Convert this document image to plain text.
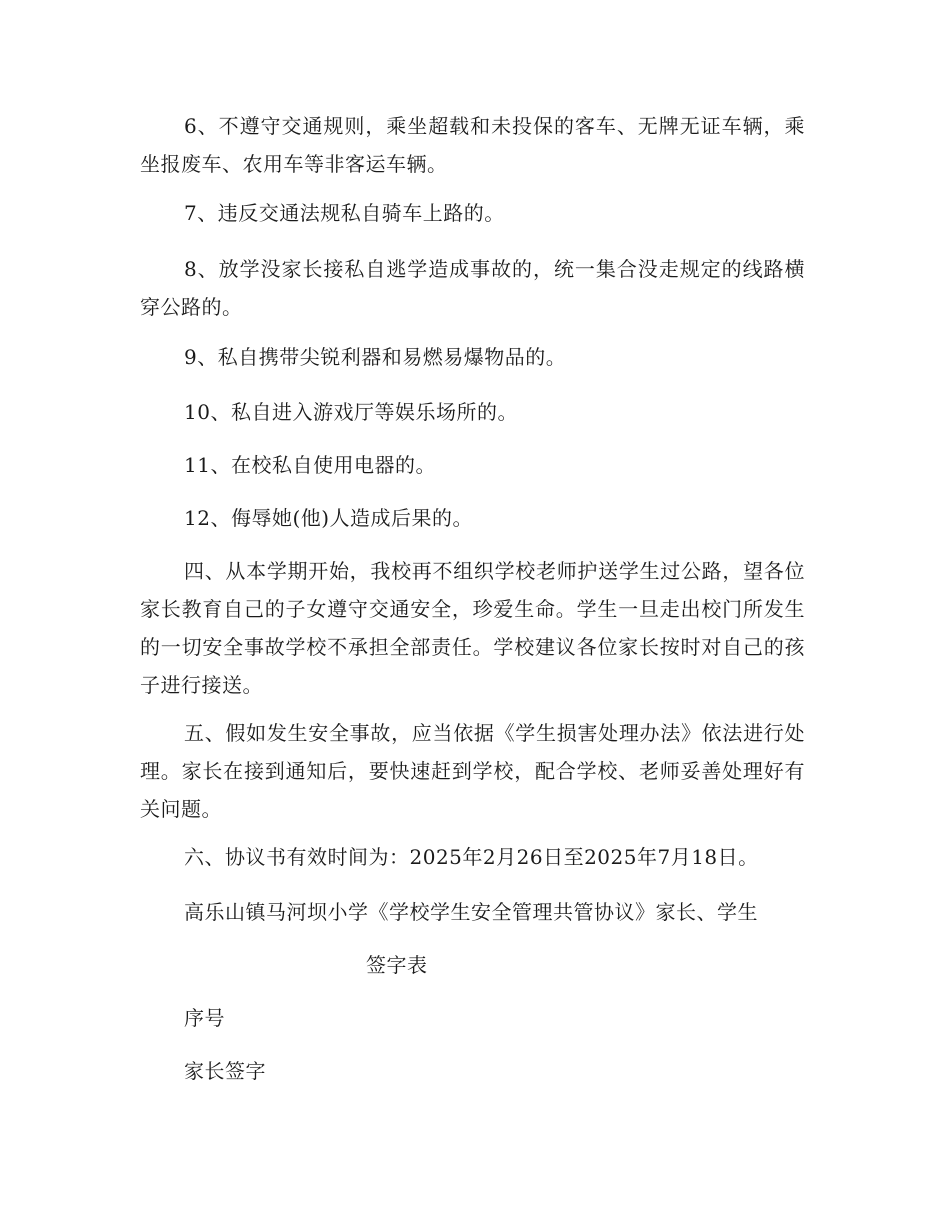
6、不遵守交通规则，乘坐超载和未投保的客车、无牌无证车辆，乘坐报废车、农用车等非客运车辆。

7、违反交通法规私自骑车上路的。

8、放学没家长接私自逃学造成事故的，统一集合没走规定的线路横穿公路的。

9、私自携带尖锐利器和易燃易爆物品的。

10、私自进入游戏厅等娱乐场所的。

11、在校私自使用电器的。

12、侮辱她(他)人造成后果的。

四、从本学期开始，我校再不组织学校老师护送学生过公路，望各位家长教育自己的子女遵守交通安全，珍爱生命。学生一旦走出校门所发生的一切安全事故学校不承担全部责任。学校建议各位家长按时对自己的孩子进行接送。

五、假如发生安全事故，应当依据《学生损害处理办法》依法进行处理。家长在接到通知后，要快速赶到学校，配合学校、老师妥善处理好有关问题。

六、协议书有效时间为：2025年2月26日至2025年7月18日。

高乐山镇马河坝小学《学校学生安全管理共管协议》家长、学生

签字表

序号

家长签字
